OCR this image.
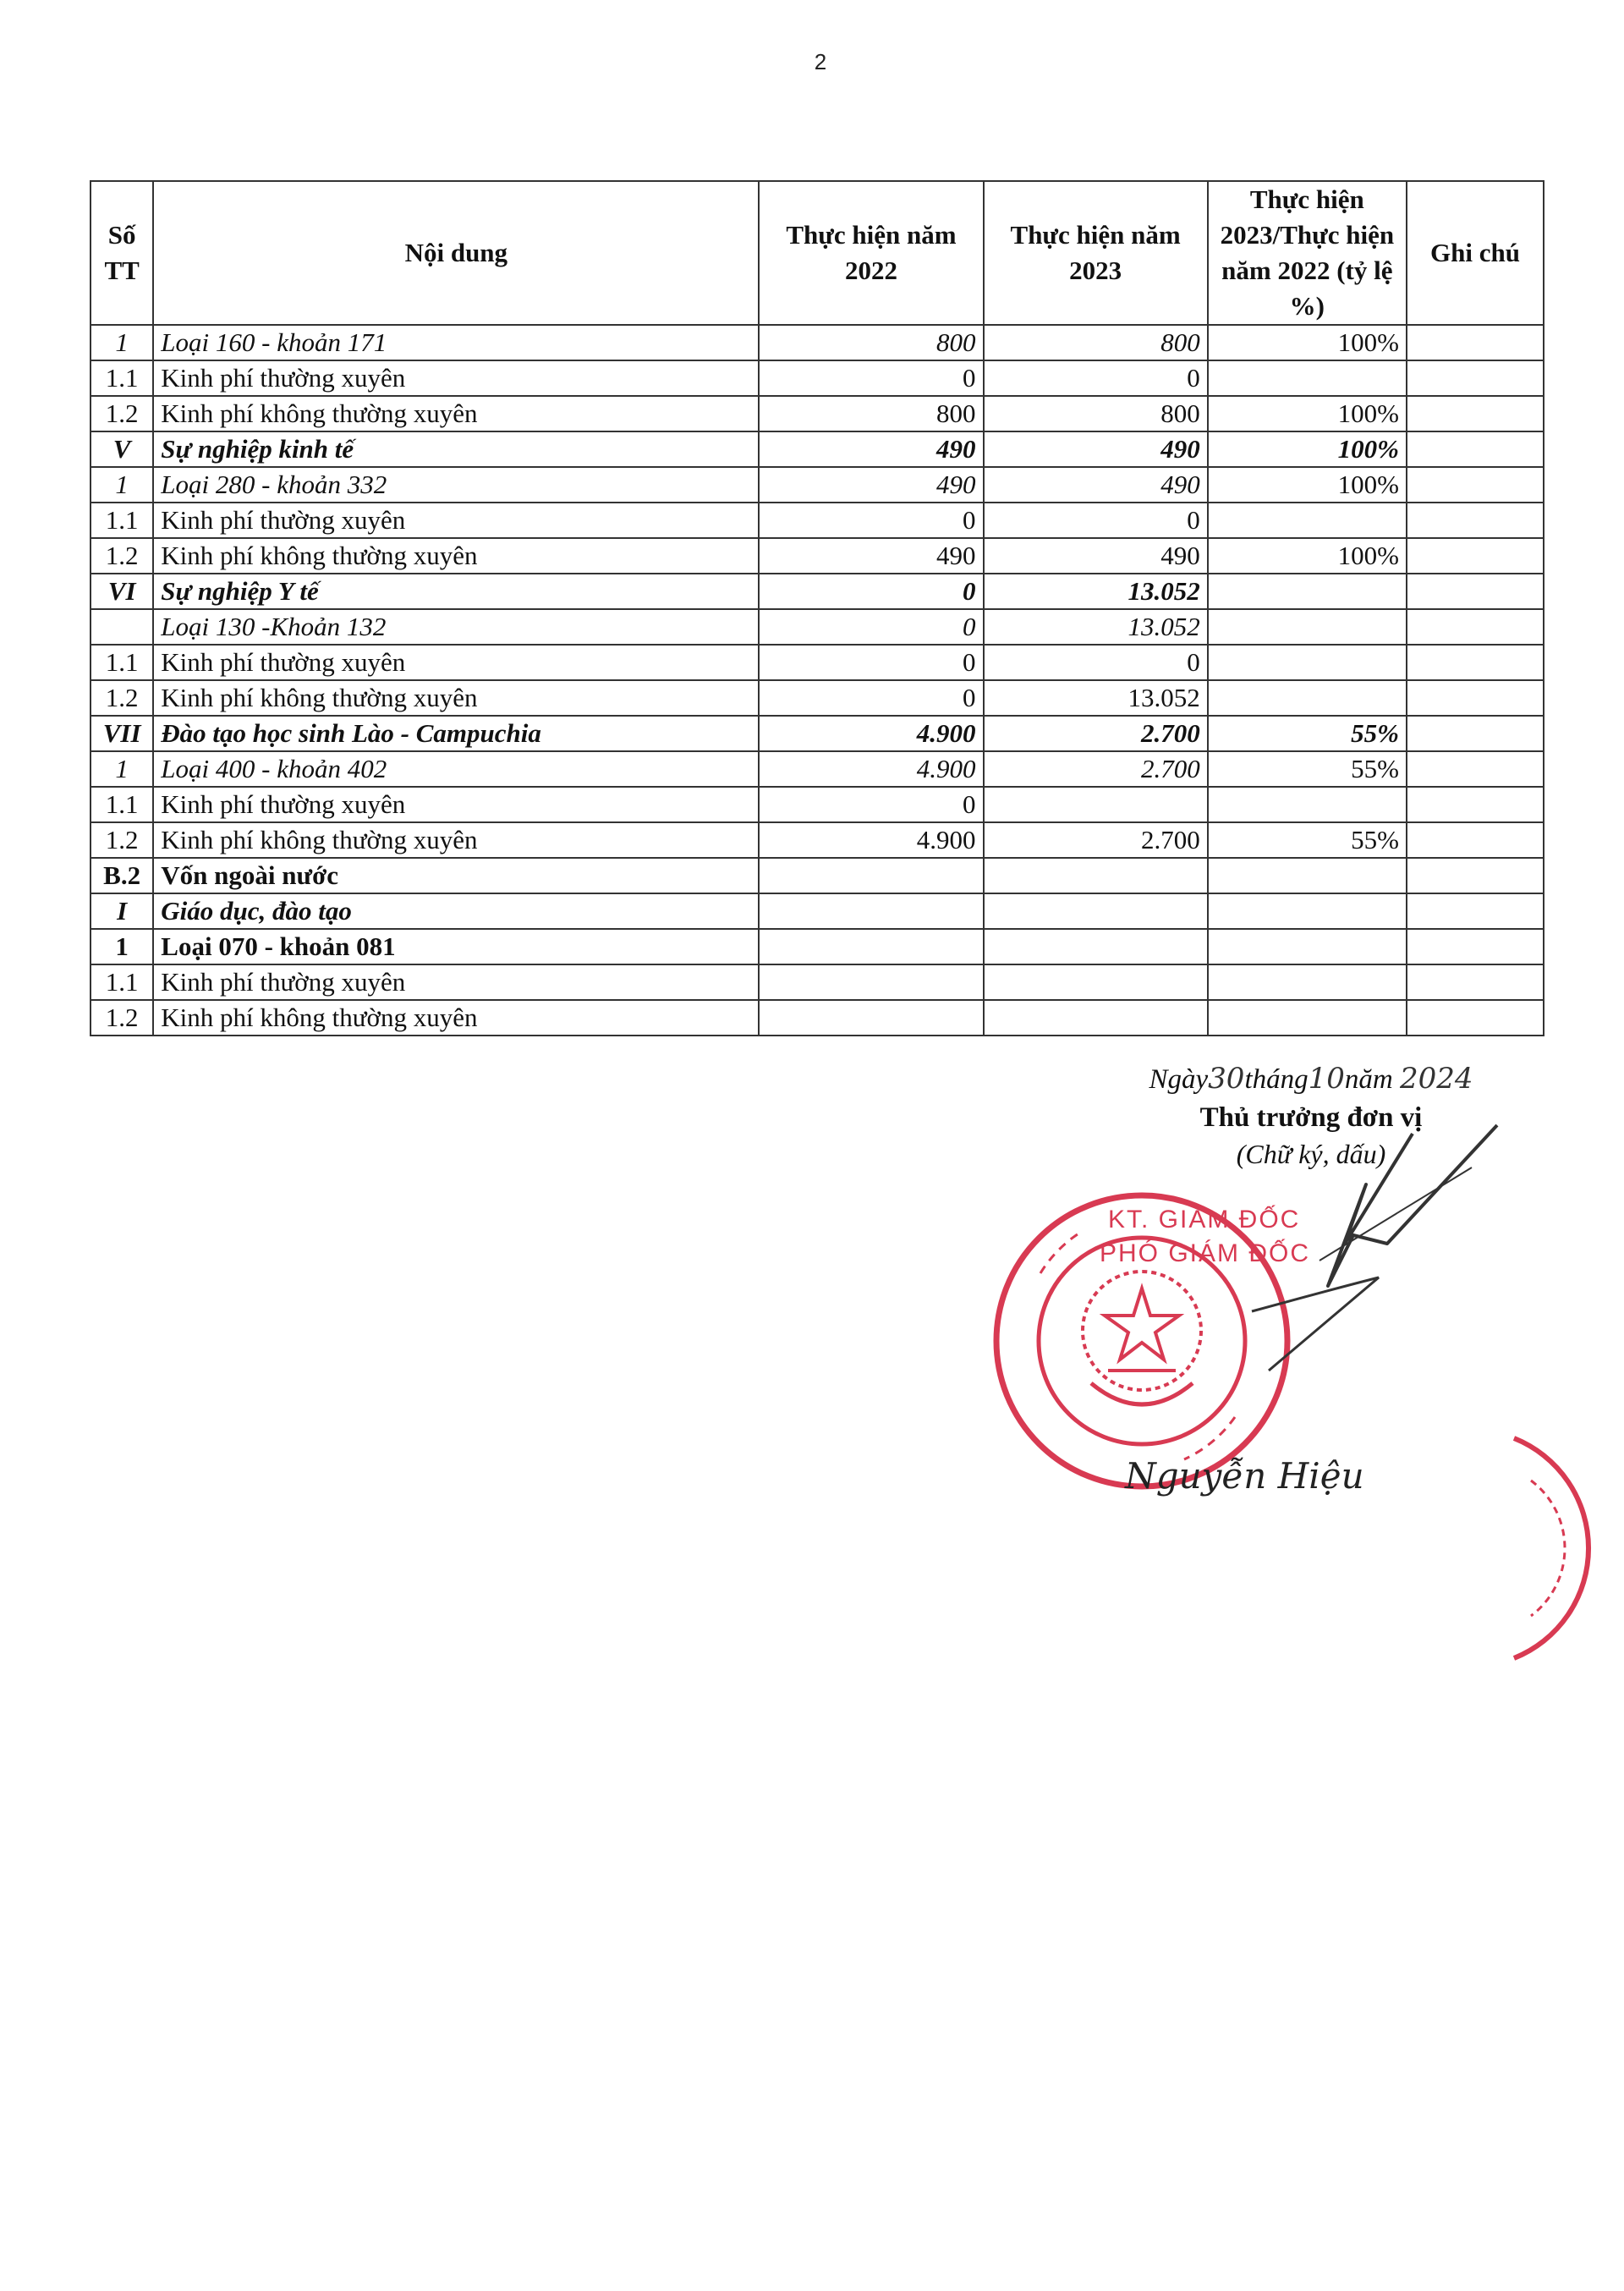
2
Số TT	Nội dung	Thực hiện năm 2022	Thực hiện năm 2023	Thực hiện 2023/Thực hiện năm 2022 (tỷ lệ %)	Ghi chú
1	Loại 160 - khoản 171	800	800	100%	
1.1	Kinh phí thường xuyên	0	0		
1.2	Kinh phí không thường xuyên	800	800	100%	
V	Sự nghiệp kinh tế	490	490	100%	
1	Loại 280 - khoản 332	490	490	100%	
1.1	Kinh phí thường xuyên	0	0		
1.2	Kinh phí không thường xuyên	490	490	100%	
VI	Sự nghiệp Y tế	0	13.052		
	Loại 130 -Khoản 132	0	13.052		
1.1	Kinh phí thường xuyên	0	0		
1.2	Kinh phí không thường xuyên	0	13.052		
VII	Đào tạo học sinh Lào - Campuchia	4.900	2.700	55%	
1	Loại 400 - khoản 402	4.900	2.700	55%	
1.1	Kinh phí thường xuyên	0			
1.2	Kinh phí không thường xuyên	4.900	2.700	55%	
B.2	Vốn ngoài nước				
I	Giáo dục, đào tạo				
1	Loại 070 - khoản 081				
1.1	Kinh phí thường xuyên				
1.2	Kinh phí không thường xuyên				
KT. GIÁM ĐỐC
PHÓ GIÁM ĐỐC
Nguyễn Hiệu
Ngày30tháng10năm 2024
Thủ trưởng đơn vị
(Chữ ký, dấu)
